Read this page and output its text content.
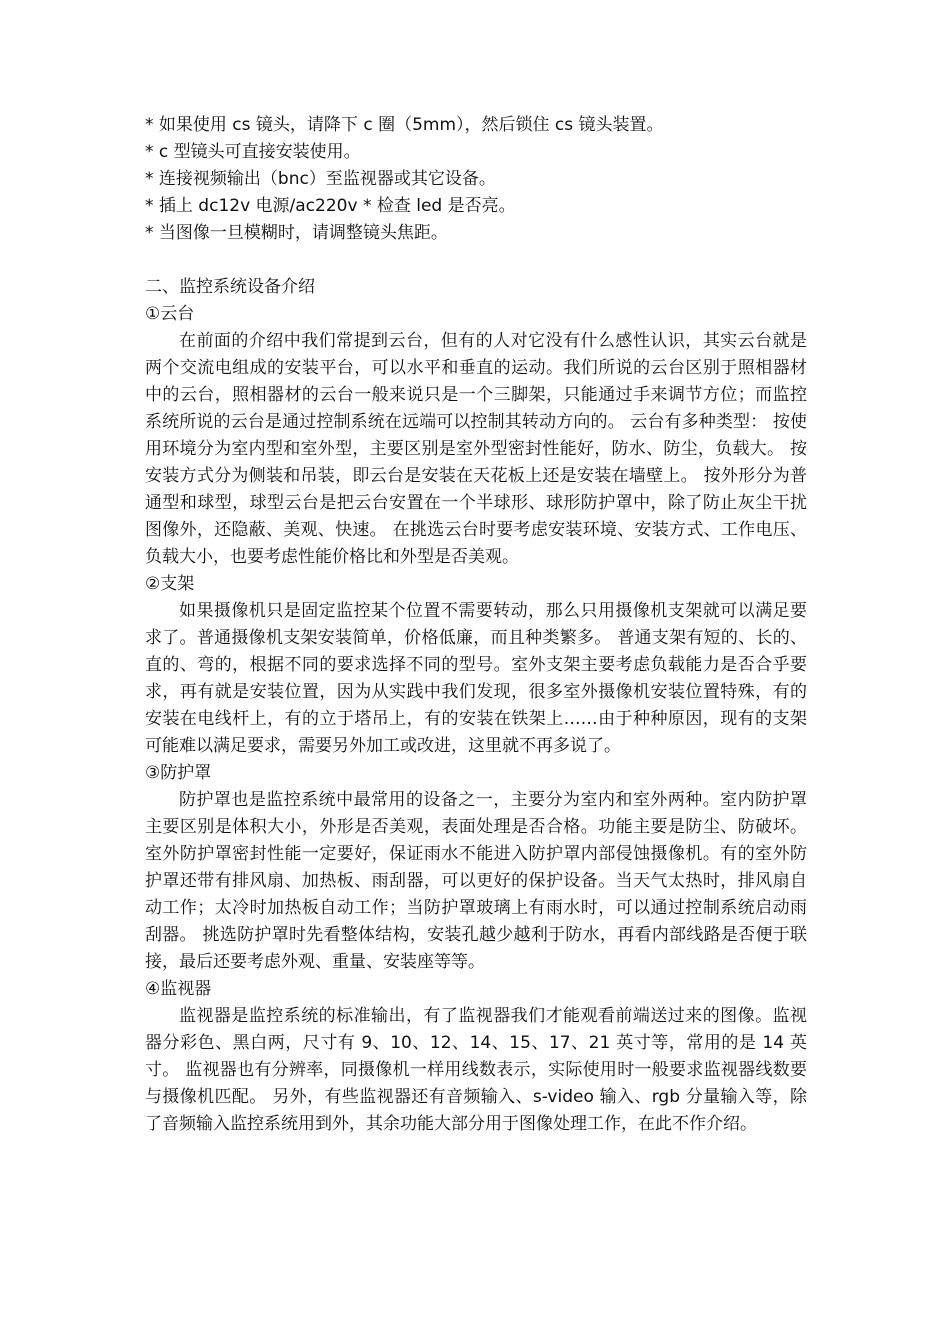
* 如果使用 cs 镜头，请降下 c 圈（5mm），然后锁住 cs 镜头装置。

* c 型镜头可直接安装使用。

* 连接视频输出（bnc）至监视器或其它设备。

* 插上 dc12v 电源/ac220v * 检查 led 是否亮。

* 当图像一旦模糊时，请调整镜头焦距。

二、监控系统设备介绍

①云台

在前面的介绍中我们常提到云台，但有的人对它没有什么感性认识，其实云台就是两个交流电组成的安装平台，可以水平和垂直的运动。我们所说的云台区别于照相器材中的云台，照相器材的云台一般来说只是一个三脚架，只能通过手来调节方位；而监控系统所说的云台是通过控制系统在远端可以控制其转动方向的。 云台有多种类型： 按使用环境分为室内型和室外型，主要区别是室外型密封性能好，防水、防尘，负载大。 按安装方式分为侧装和吊装，即云台是安装在天花板上还是安装在墙壁上。 按外形分为普通型和球型，球型云台是把云台安置在一个半球形、球形防护罩中，除了防止灰尘干扰图像外，还隐蔽、美观、快速。 在挑选云台时要考虑安装环境、安装方式、工作电压、负载大小，也要考虑性能价格比和外型是否美观。

②支架

如果摄像机只是固定监控某个位置不需要转动，那么只用摄像机支架就可以满足要求了。普通摄像机支架安装简单，价格低廉，而且种类繁多。 普通支架有短的、长的、直的、弯的，根据不同的要求选择不同的型号。室外支架主要考虑负载能力是否合乎要求，再有就是安装位置，因为从实践中我们发现，很多室外摄像机安装位置特殊，有的安装在电线杆上，有的立于塔吊上，有的安装在铁架上……由于种种原因，现有的支架可能难以满足要求，需要另外加工或改进，这里就不再多说了。

③防护罩

防护罩也是监控系统中最常用的设备之一，主要分为室内和室外两种。室内防护罩主要区别是体积大小，外形是否美观，表面处理是否合格。功能主要是防尘、防破坏。 室外防护罩密封性能一定要好，保证雨水不能进入防护罩内部侵蚀摄像机。有的室外防护罩还带有排风扇、加热板、雨刮器，可以更好的保护设备。当天气太热时，排风扇自动工作；太冷时加热板自动工作；当防护罩玻璃上有雨水时，可以通过控制系统启动雨刮器。 挑选防护罩时先看整体结构，安装孔越少越利于防水，再看内部线路是否便于联接，最后还要考虑外观、重量、安装座等等。

④监视器

监视器是监控系统的标准输出，有了监视器我们才能观看前端送过来的图像。监视器分彩色、黑白两，尺寸有 9、10、12、14、15、17、21 英寸等，常用的是 14 英寸。 监视器也有分辨率，同摄像机一样用线数表示，实际使用时一般要求监视器线数要与摄像机匹配。 另外，有些监视器还有音频输入、s-video 输入、rgb 分量输入等，除了音频输入监控系统用到外，其余功能大部分用于图像处理工作，在此不作介绍。
